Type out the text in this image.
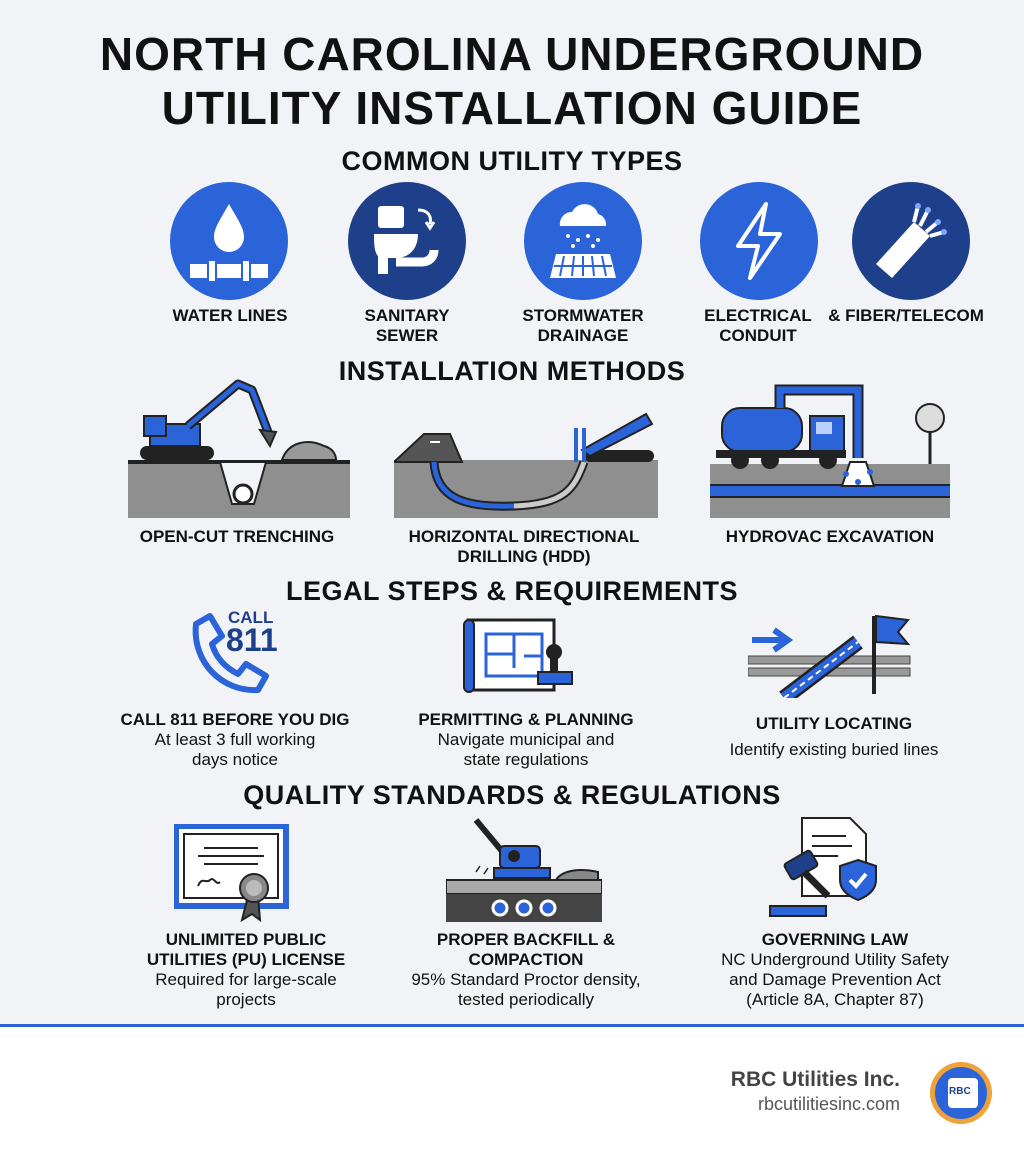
NORTH CAROLINA UNDERGROUND
UTILITY INSTALLATION GUIDE
COMMON UTILITY TYPES
WATER LINES	SANITARY
SEWER
STORMWATER
DRAINAGE
ELECTRICAL
CONDUIT
& FIBER/TELECOM
INSTALLATION METHODS
OPEN-CUT TRENCHING	HORIZONTAL DIRECTIONAL
DRILLING (HDD)
HYDROVAC EXCAVATION
LEGAL STEPS & REQUIREMENTS
CALL
811
CALL 811 BEFORE YOU DIG
At least 3 full working
days notice
PERMITTING & PLANNING
Navigate municipal and
state regulations
UTILITY LOCATING
Identify existing buried lines
QUALITY STANDARDS & REGULATIONS
UNLIMITED PUBLIC
UTILITIES (PU) LICENSE
Required for large-scale
projects
PROPER BACKFILL &
COMPACTION
95% Standard Proctor density,
tested periodically
GOVERNING LAW
NC Underground Utility Safety
and Damage Prevention Act
(Article 8A, Chapter 87)
RBC Utilities Inc.
rbcutilitiesinc.com
RBC
